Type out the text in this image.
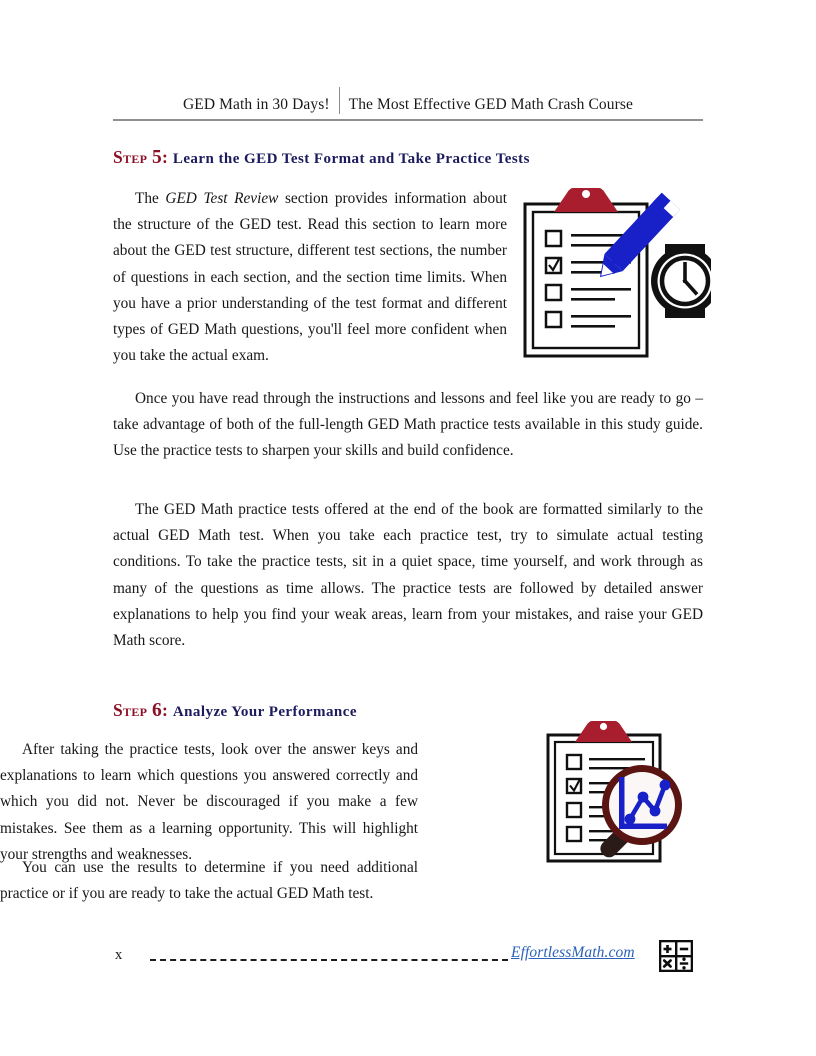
GED Math in 30 Days!	The Most Effective GED Math Crash Course
Step 5: Learn the GED Test Format and Take Practice Tests
The GED Test Review section provides information about the structure of the GED test. Read this section to learn more about the GED test structure, different test sections, the number of questions in each section, and the section time limits. When you have a prior understanding of the test format and different types of GED Math questions, you'll feel more confident when you take the actual exam.
Once you have read through the instructions and lessons and feel like you are ready to go – take advantage of both of the full-length GED Math practice tests available in this study guide. Use the practice tests to sharpen your skills and build confidence.
The GED Math practice tests offered at the end of the book are formatted similarly to the actual GED Math test. When you take each practice test, try to simulate actual testing conditions. To take the practice tests, sit in a quiet space, time yourself, and work through as many of the questions as time allows. The practice tests are followed by detailed answer explanations to help you find your weak areas, learn from your mistakes, and raise your GED Math score.
Step 6: Analyze Your Performance
After taking the practice tests, look over the answer keys and explanations to learn which questions you answered correctly and which you did not. Never be discouraged if you make a few mistakes. See them as a learning opportunity. This will highlight your strengths and weaknesses.
You can use the results to determine if you need additional practice or if you are ready to take the actual GED Math test.
x	EffortlessMath.com
